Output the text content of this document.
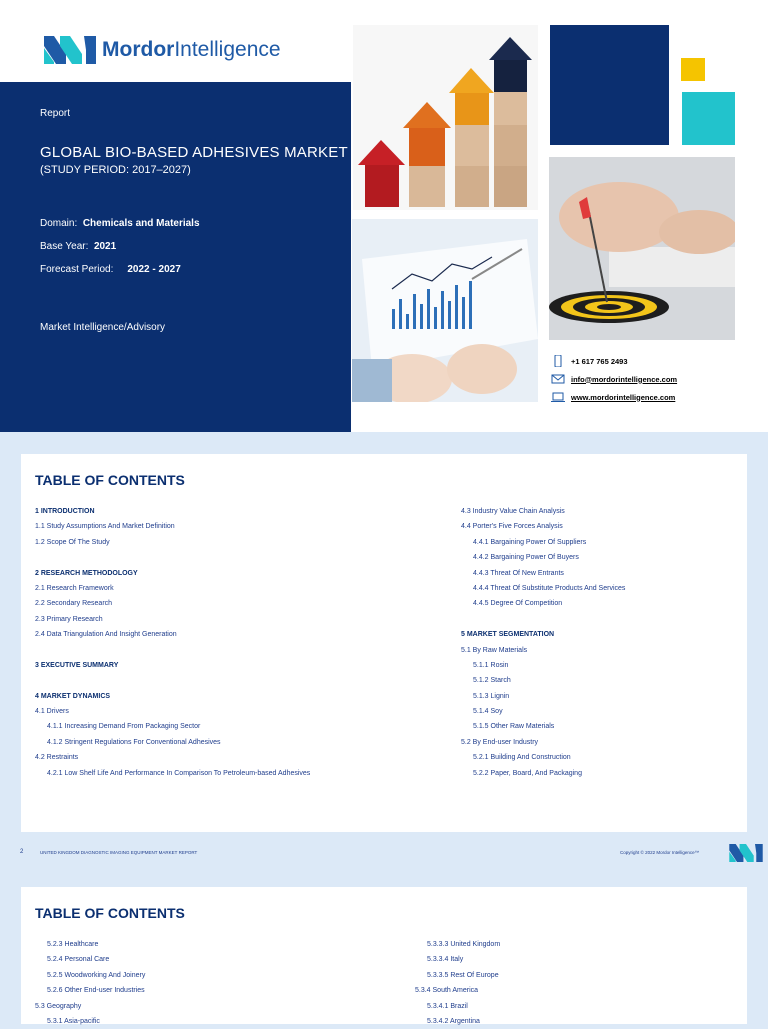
MordorIntelligence
Report
GLOBAL BIO-BASED ADHESIVES MARKET
(STUDY PERIOD: 2017–2027)
Domain: Chemicals and Materials
Base Year: 2021
Forecast Period: 2022 - 2027
Market Intelligence/Advisory
+1 617 765 2493
info@mordorintelligence.com
www.mordorintelligence.com
TABLE OF CONTENTS
1 INTRODUCTION
1.1 Study Assumptions And Market Definition
1.2 Scope Of The Study
2 RESEARCH METHODOLOGY
2.1 Research Framework
2.2 Secondary Research
2.3 Primary Research
2.4 Data Triangulation And Insight Generation
3 EXECUTIVE SUMMARY
4 MARKET DYNAMICS
4.1 Drivers
4.1.1 Increasing Demand From Packaging Sector
4.1.2 Stringent Regulations For Conventional Adhesives
4.2 Restraints
4.2.1 Low Shelf Life And Performance In Comparison To Petroleum-based Adhesives
4.3 Industry Value Chain Analysis
4.4 Porter's Five Forces Analysis
4.4.1 Bargaining Power Of Suppliers
4.4.2 Bargaining Power Of Buyers
4.4.3 Threat Of New Entrants
4.4.4 Threat Of Substitute Products And Services
4.4.5 Degree Of Competition
5 MARKET SEGMENTATION
5.1 By Raw Materials
5.1.1 Rosin
5.1.2 Starch
5.1.3 Lignin
5.1.4 Soy
5.1.5 Other Raw Materials
5.2 By End-user Industry
5.2.1 Building And Construction
5.2.2 Paper, Board, And Packaging
2	UNITED KINGDOM DIAGNOSTIC IMAGING EQUIPMENT MARKET REPORT	Copyright © 2022 Mordor Intelligence™
TABLE OF CONTENTS
5.2.3 Healthcare
5.2.4 Personal Care
5.2.5 Woodworking And Joinery
5.2.6 Other End-user Industries
5.3 Geography
5.3.1 Asia-pacific
5.3.3.3 United Kingdom
5.3.3.4 Italy
5.3.3.5 Rest Of Europe
5.3.4 South America
5.3.4.1 Brazil
5.3.4.2 Argentina
